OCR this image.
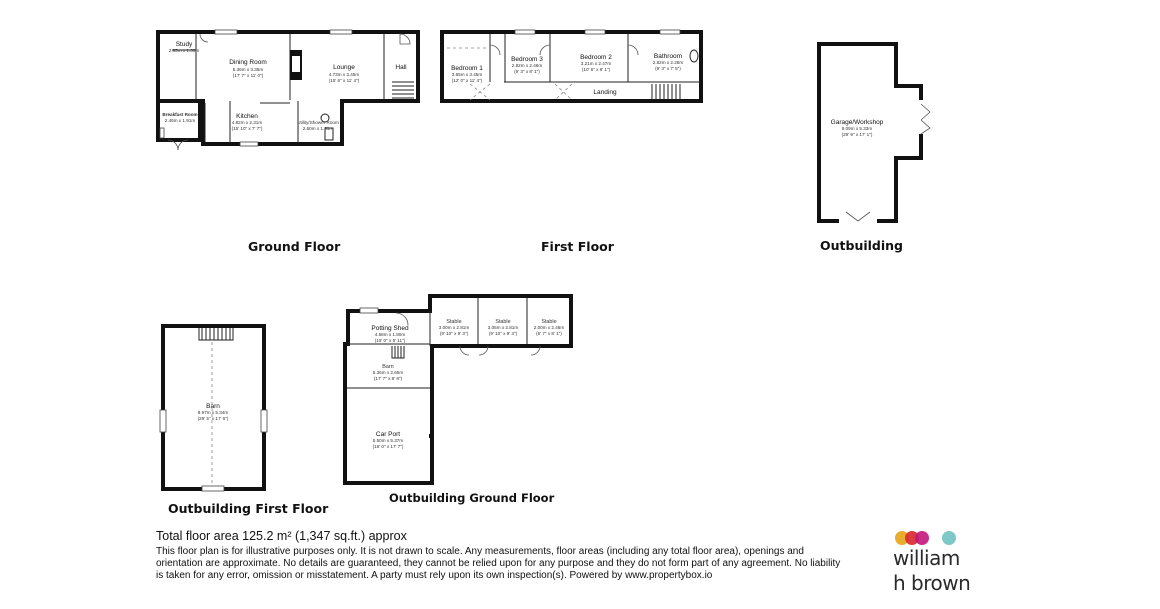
Study
2.85m x 1.30m
Dining Room
5.36m x 3.35m
(17' 7" x 11' 0")
Lounge
4.73m x 3.45m
(15' 6" x 11' 4")
Hall
Breakfast Room
2.46m x 1.91m
Kitchen
4.82m x 2.31m
(15' 10" x 7' 7")
Utility/Shower Room
2.50m x 1.61m
Bedroom 1
3.65m x 3.45m
(12' 0" x 11' 4")
Bedroom 3
2.82m x 2.46m
(9' 3" x 8' 1")
Bedroom 2
3.21m x 2.47m
(10' 6" x 8' 1")
Bathroom
2.82m x 2.28m
(9' 3" x 7' 5")
Landing
Garage/Workshop
9.09m x 5.33m
(29' 9" x 17' 1")
Barn
8.97m x 5.34m
(29' 5" x 17' 6")
Potting Shed
4.58m x 1.80m
(15' 0" x 5' 11")
Stable
3.00m x 2.81m
(9' 10" x 9' 3")
Stable
3.05m x 2.81m
(9' 10" x 9' 3")
Stable
2.00m x 2.46m
(6' 7" x 8' 1")
Barn
5.36m x 2.65m
(17' 7" x 8' 8")
Car Port
5.50m x 5.37m
(18' 0" x 17' 7")
Ground Floor	First Floor	Outbuilding
Outbuilding First Floor
Outbuilding Ground Floor
Total floor area 125.2 m² (1,347 sq.ft.) approx
This floor plan is for illustrative purposes only. It is not drawn to scale. Any measurements, floor areas (including any total floor area), openings and orientation are approximate. No details are guaranteed, they cannot be relied upon for any purpose and they do not form part of any agreement. No liability is taken for any error, omission or misstatement. A party must rely upon its own inspection(s). Powered by www.propertybox.io
william
h brown
